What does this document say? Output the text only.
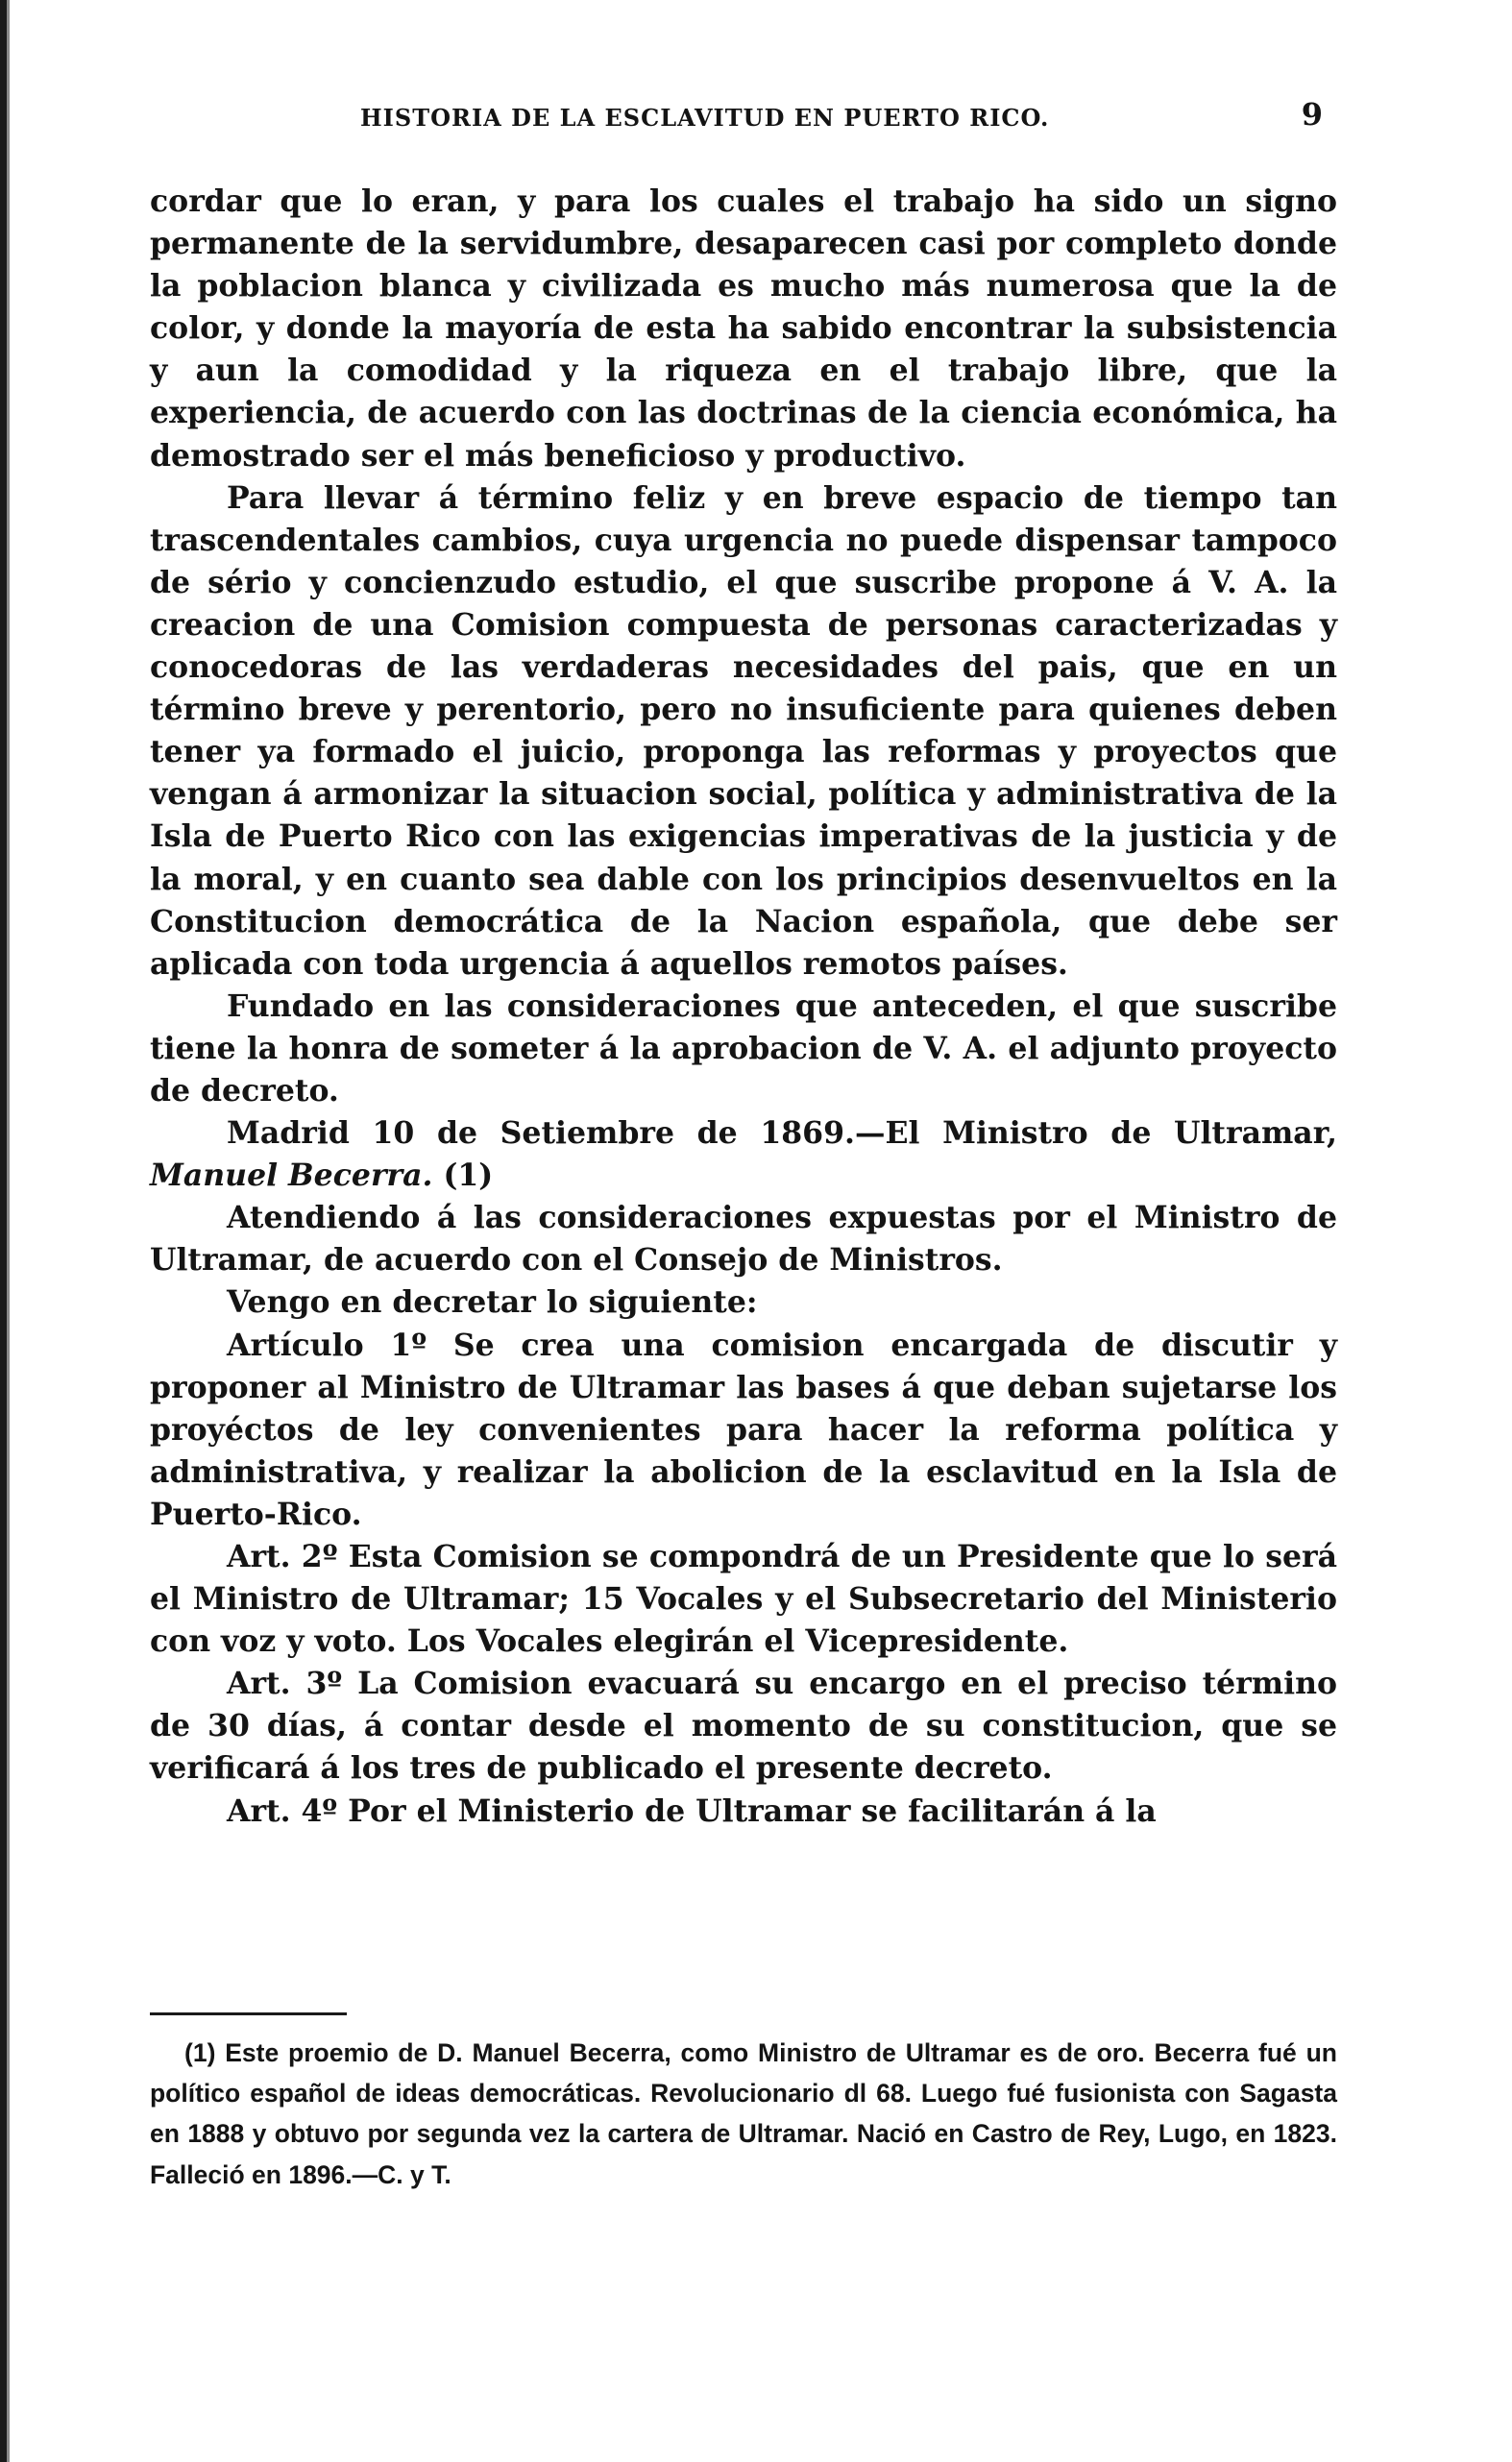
HISTORIA DE LA ESCLAVITUD EN PUERTO RICO.	9

cordar que lo eran, y para los cuales el trabajo ha sido un signo permanente de la servidumbre, desaparecen casi por completo donde la poblacion blanca y civilizada es mucho más numerosa que la de color, y donde la mayoría de esta ha sabido encontrar la subsistencia y aun la comodidad y la riqueza en el trabajo libre, que la experiencia, de acuerdo con las doctrinas de la ciencia económica, ha demostrado ser el más beneficioso y productivo.

Para llevar á término feliz y en breve espacio de tiempo tan trascendentales cambios, cuya urgencia no puede dispensar tampoco de sério y concienzudo estudio, el que suscribe propone á V. A. la creacion de una Comision compuesta de personas caracterizadas y conocedoras de las verdaderas necesidades del pais, que en un término breve y perentorio, pero no insuficiente para quienes deben tener ya formado el juicio, proponga las reformas y proyectos que vengan á armonizar la situacion social, política y administrativa de la Isla de Puerto Rico con las exigencias imperativas de la justicia y de la moral, y en cuanto sea dable con los principios desenvueltos en la Constitucion democrática de la Nacion española, que debe ser aplicada con toda urgencia á aquellos remotos países.

Fundado en las consideraciones que anteceden, el que suscribe tiene la honra de someter á la aprobacion de V. A. el adjunto proyecto de decreto.

Madrid 10 de Setiembre de 1869.—El Ministro de Ultramar, Manuel Becerra. (1)

Atendiendo á las consideraciones expuestas por el Ministro de Ultramar, de acuerdo con el Consejo de Ministros.

Vengo en decretar lo siguiente:

Artículo 1º Se crea una comision encargada de discutir y proponer al Ministro de Ultramar las bases á que deban sujetarse los proyéctos de ley convenientes para hacer la reforma política y administrativa, y realizar la abolicion de la esclavitud en la Isla de Puerto-Rico.

Art. 2º Esta Comision se compondrá de un Presidente que lo será el Ministro de Ultramar; 15 Vocales y el Subsecretario del Ministerio con voz y voto. Los Vocales elegirán el Vicepresidente.

Art. 3º La Comision evacuará su encargo en el preciso término de 30 días, á contar desde el momento de su constitucion, que se verificará á los tres de publicado el presente decreto.

Art. 4º Por el Ministerio de Ultramar se facilitarán á la

(1) Este proemio de D. Manuel Becerra, como Ministro de Ultramar es de oro. Becerra fué un político español de ideas democráticas. Revolucionario dl 68. Luego fué fusionista con Sagasta en 1888 y obtuvo por segunda vez la cartera de Ultramar. Nació en Castro de Rey, Lugo, en 1823. Falleció en 1896.—C. y T.
